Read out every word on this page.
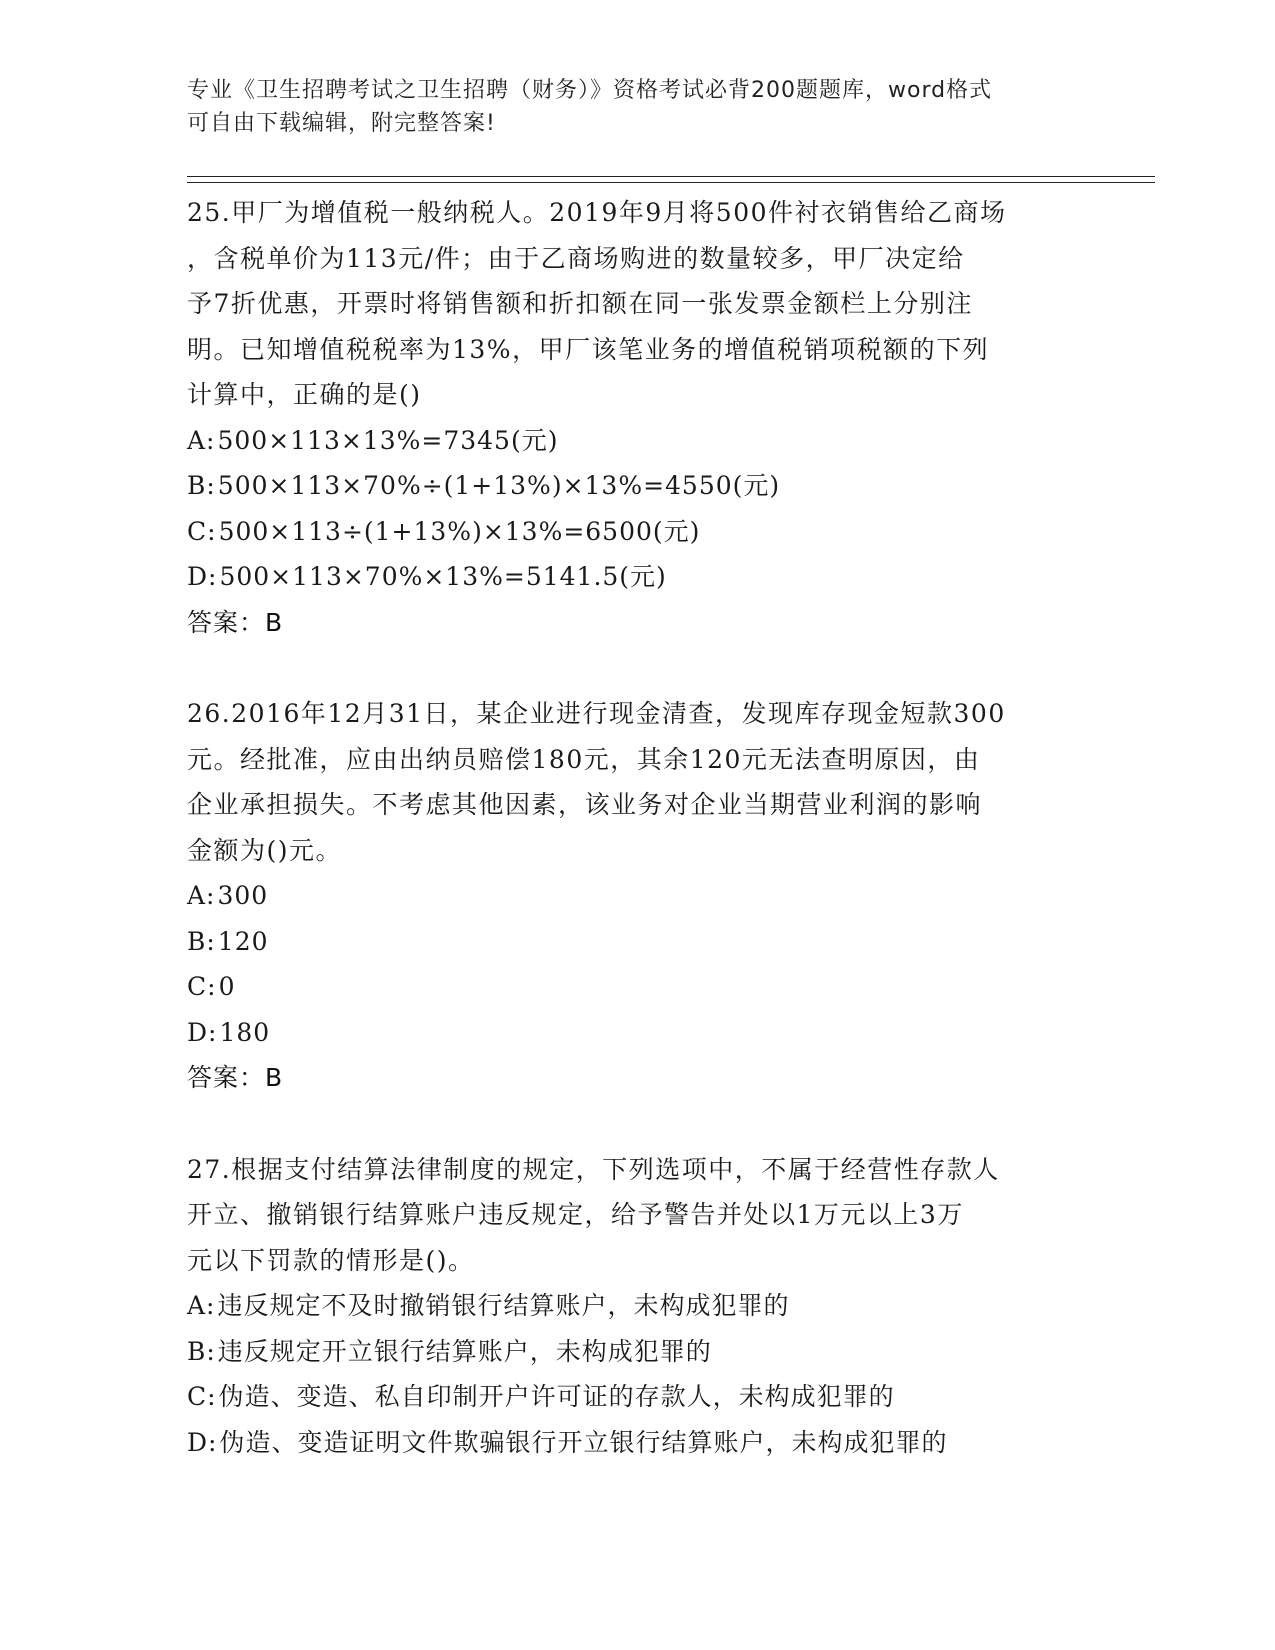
专业《卫生招聘考试之卫生招聘（财务）》资格考试必背200题题库，word格式
可自由下载编辑，附完整答案!
25.甲厂为增值税一般纳税人。2019年9月将500件衬衣销售给乙商场
，含税单价为113元/件；由于乙商场购进的数量较多，甲厂决定给
予7折优惠，开票时将销售额和折扣额在同一张发票金额栏上分别注
明。已知增值税税率为13%，甲厂该笔业务的增值税销项税额的下列
计算中，正确的是()
A:500×113×13%=7345(元)
B:500×113×70%÷(1+13%)×13%=4550(元)
C:500×113÷(1+13%)×13%=6500(元)
D:500×113×70%×13%=5141.5(元)
答案：B
26.2016年12月31日，某企业进行现金清查，发现库存现金短款300
元。经批准，应由出纳员赔偿180元，其余120元无法查明原因，由
企业承担损失。不考虑其他因素，该业务对企业当期营业利润的影响
金额为()元。
A:300
B:120
C:0
D:180
答案：B
27.根据支付结算法律制度的规定，下列选项中，不属于经营性存款人
开立、撤销银行结算账户违反规定，给予警告并处以1万元以上3万
元以下罚款的情形是()。
A:违反规定不及时撤销银行结算账户，未构成犯罪的
B:违反规定开立银行结算账户，未构成犯罪的
C:伪造、变造、私自印制开户许可证的存款人，未构成犯罪的
D:伪造、变造证明文件欺骗银行开立银行结算账户，未构成犯罪的
